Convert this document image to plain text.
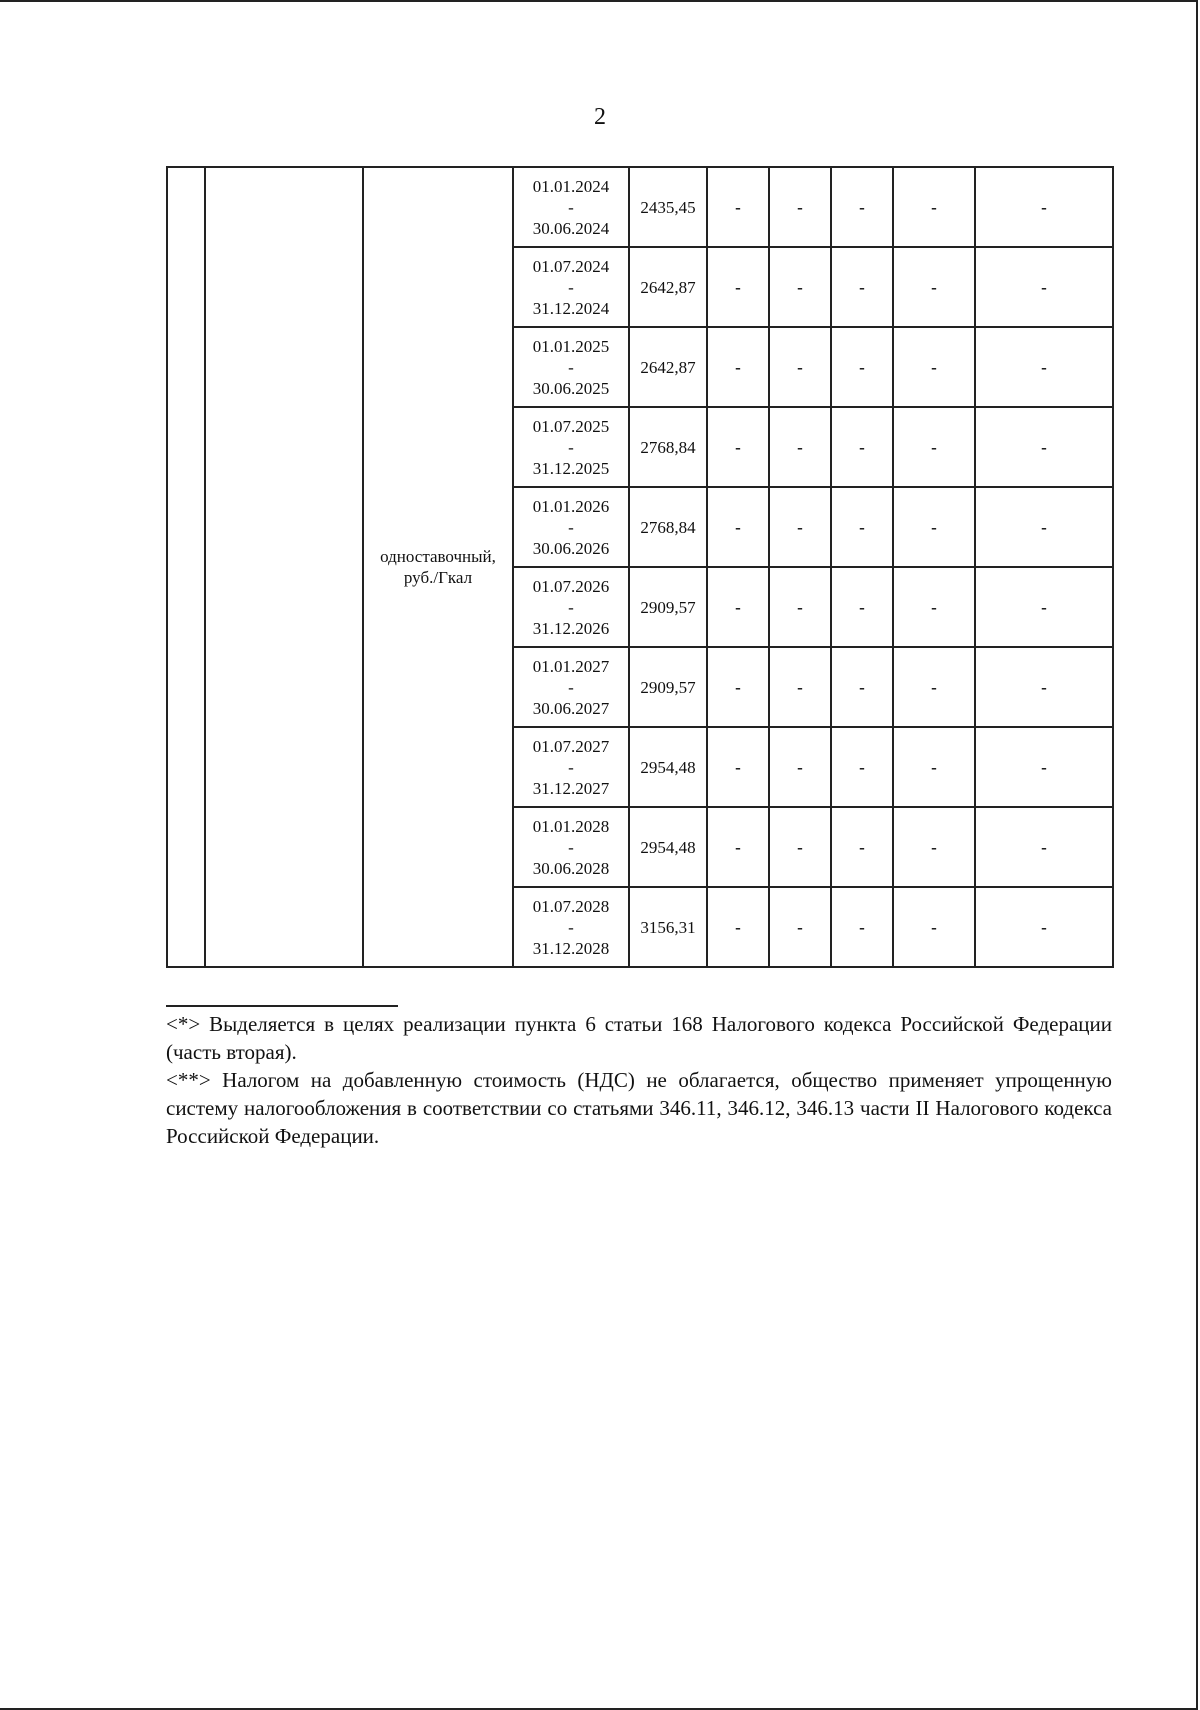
2
		одноставочный,
руб./Гкал	01.01.2024
-
30.06.2024	2435,45	-	-	-	-	-

			01.07.2024
-
31.12.2024	2642,87	-	-	-	-	-

			01.01.2025
-
30.06.2025	2642,87	-	-	-	-	-

			01.07.2025
-
31.12.2025	2768,84	-	-	-	-	-

			01.01.2026
-
30.06.2026	2768,84	-	-	-	-	-

			01.07.2026
-
31.12.2026	2909,57	-	-	-	-	-

			01.01.2027
-
30.06.2027	2909,57	-	-	-	-	-

			01.07.2027
-
31.12.2027	2954,48	-	-	-	-	-

			01.01.2028
-
30.06.2028	2954,48	-	-	-	-	-

			01.07.2028
-
31.12.2028	3156,31	-	-	-	-	-

<*> Выделяется в целях реализации пункта 6 статьи 168 Налогового кодекса Российской Федерации (часть вторая).

<**> Налогом на добавленную стоимость (НДС) не облагается, общество применяет упрощенную систему налогообложения в соответствии со статьями 346.11, 346.12, 346.13 части II Налогового кодекса Российской Федерации.
